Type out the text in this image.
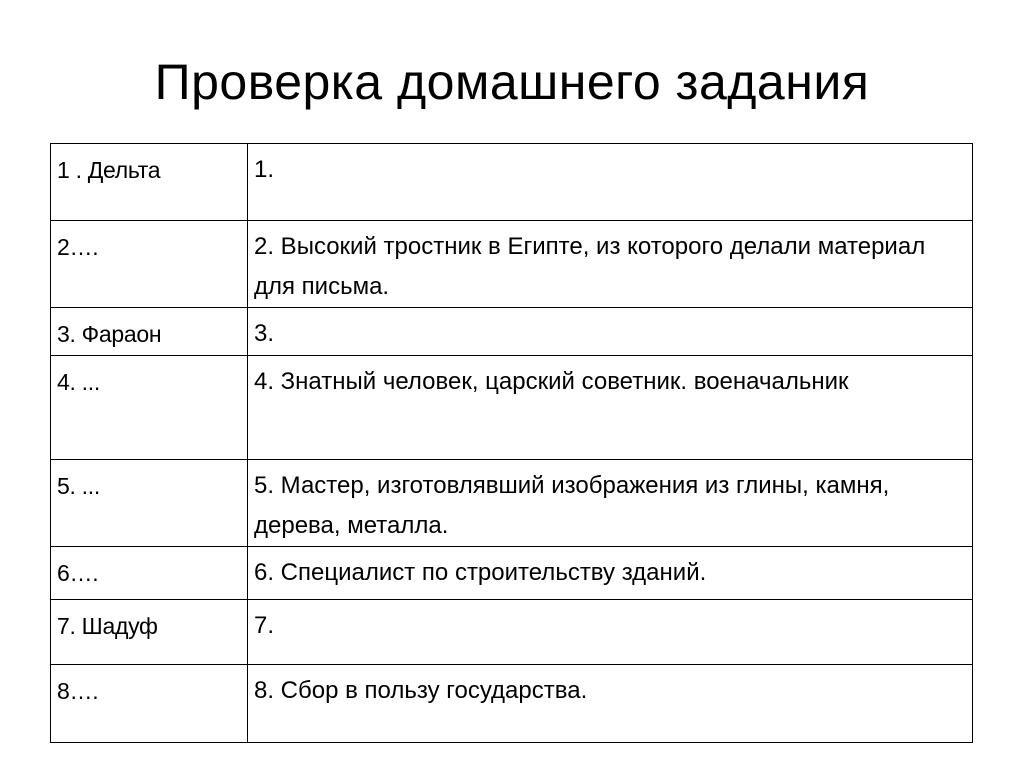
Проверка домашнего задания
1 . Дельта	1.

2….	2. Высокий тростник в Египте, из которого делали материал для письма.

3. Фараон	3.

4. ...	4. Знатный человек, царский советник. военачальник

5. ...	5. Мастер, изготовлявший изображения из глины, камня, дерева, металла.

6….	6. Специалист по строительству зданий.

7. Шадуф	7.

8….	8. Сбор в пользу государства.
